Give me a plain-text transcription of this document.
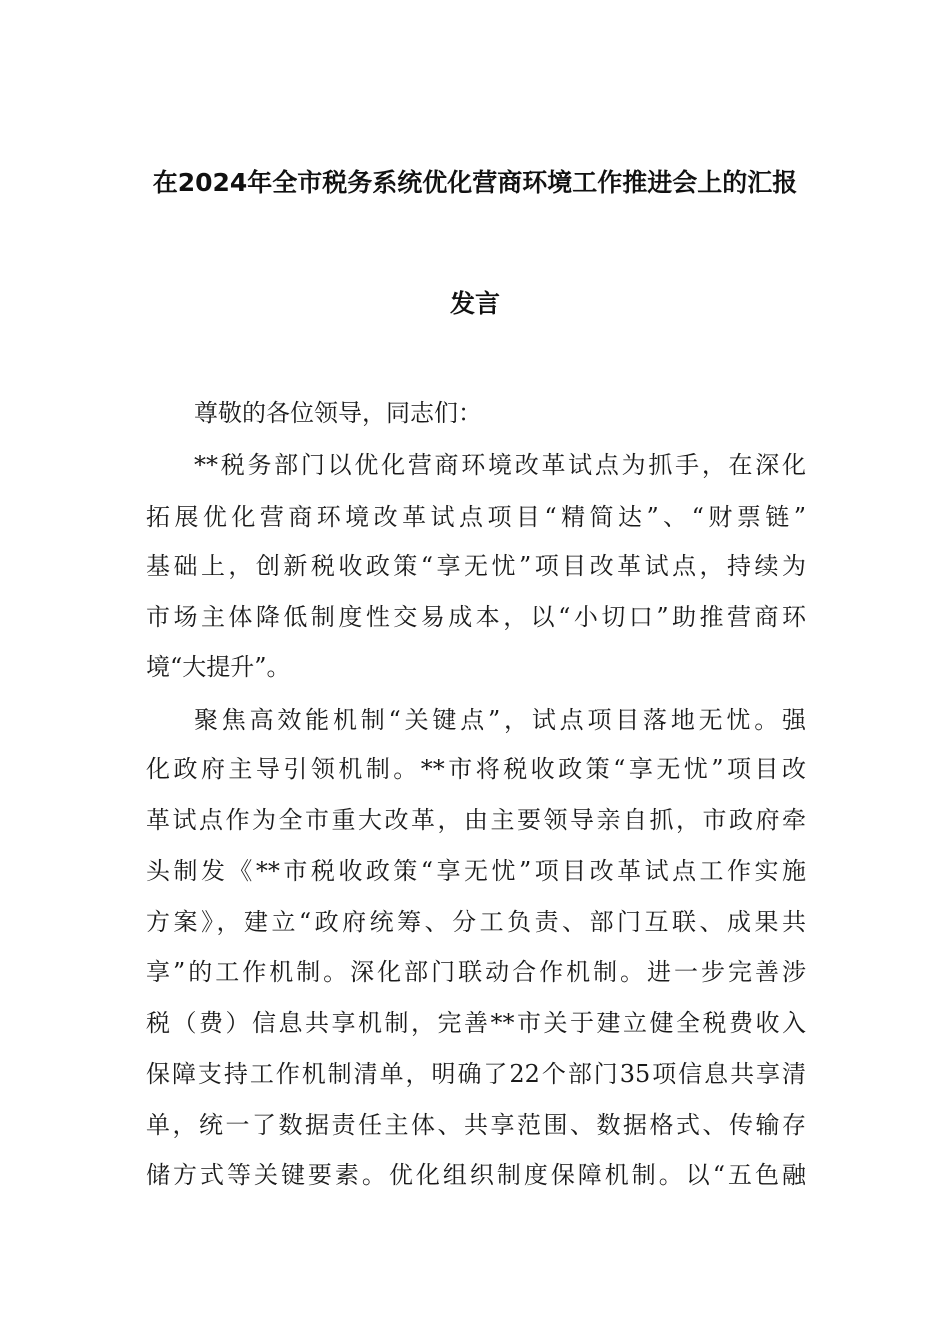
在2024年全市税务系统优化营商环境工作推进会上的汇报
发言
尊敬的各位领导，同志们：
**税务部门以优化营商环境改革试点为抓手，在深化
拓展优化营商环境改革试点项目“精简达”、“财票链”
基础上，创新税收政策“享无忧”项目改革试点，持续为
市场主体降低制度性交易成本，以“小切口”助推营商环
境“大提升”。
聚焦高效能机制“关键点”，试点项目落地无忧。强
化政府主导引领机制。**市将税收政策“享无忧”项目改
革试点作为全市重大改革，由主要领导亲自抓，市政府牵
头制发《**市税收政策“享无忧”项目改革试点工作实施
方案》，建立“政府统筹、分工负责、部门互联、成果共
享”的工作机制。深化部门联动合作机制。进一步完善涉
税（费）信息共享机制，完善**市关于建立健全税费收入
保障支持工作机制清单，明确了22个部门35项信息共享清
单，统一了数据责任主体、共享范围、数据格式、传输存
储方式等关键要素。优化组织制度保障机制。以“五色融
